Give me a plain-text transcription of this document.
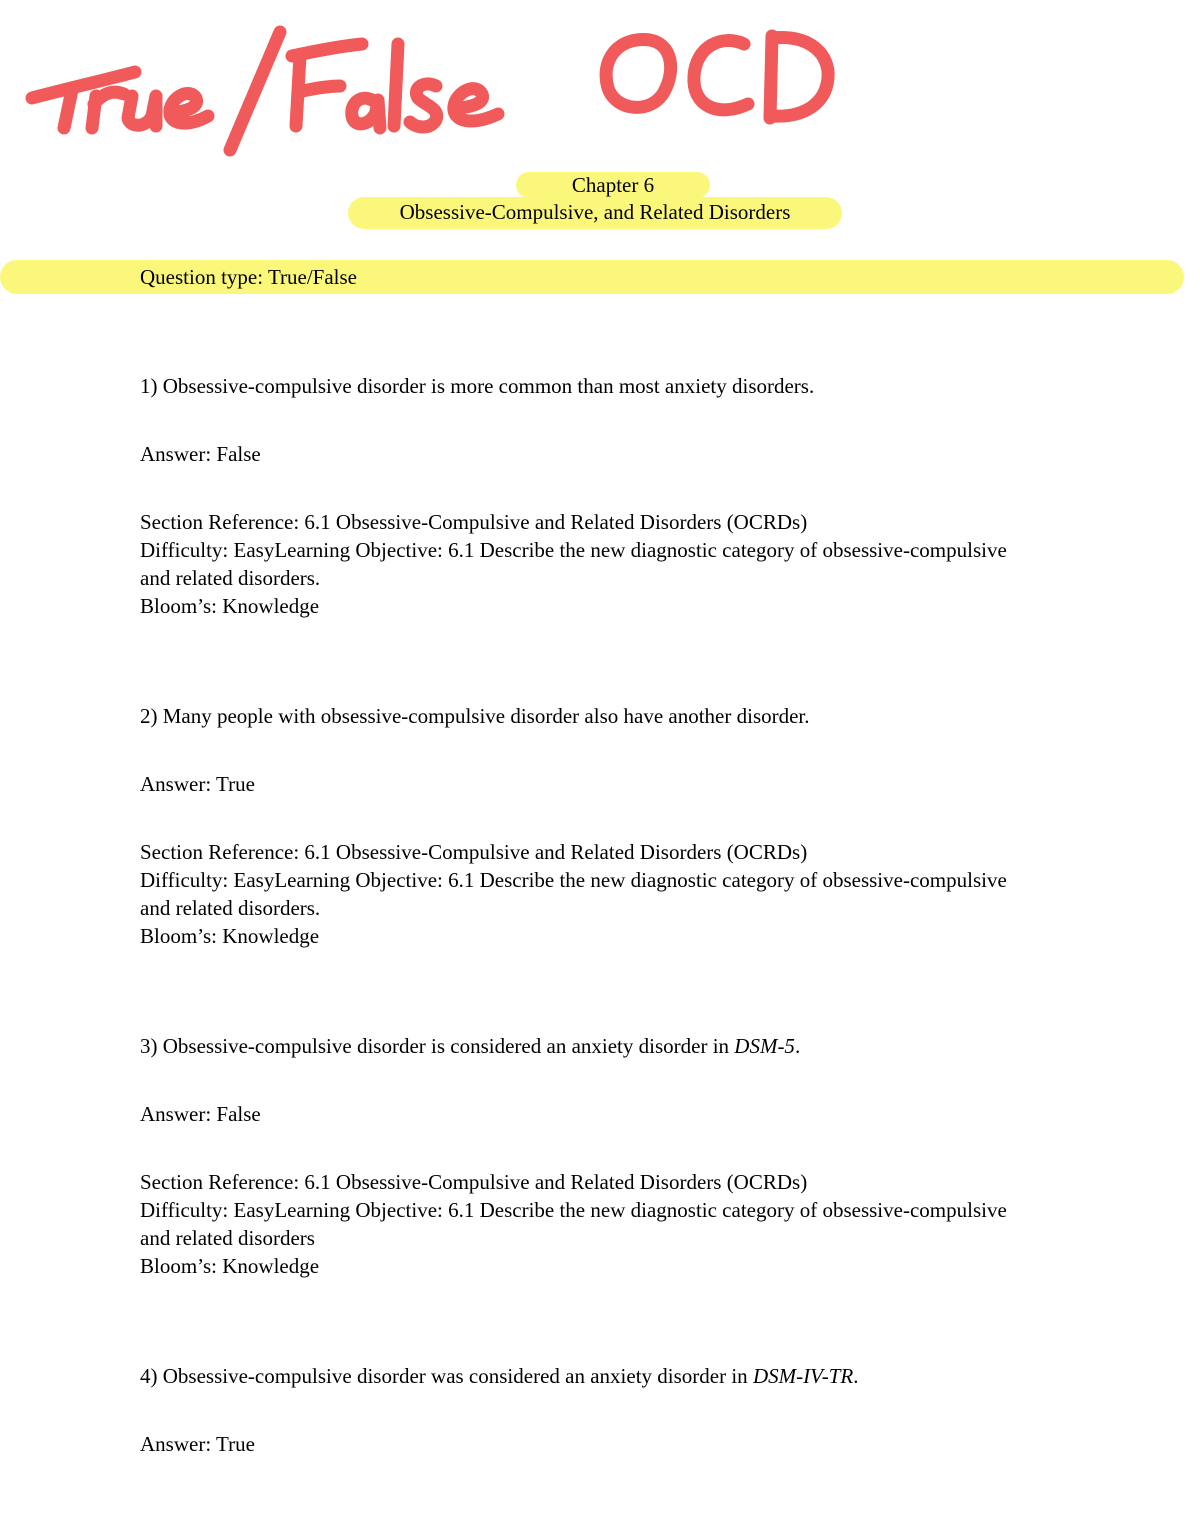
Chapter 6
Obsessive-Compulsive, and Related Disorders
Question type: True/False

1) Obsessive-compulsive disorder is more common than most anxiety disorders.

Answer: False

Section Reference: 6.1 Obsessive-Compulsive and Related Disorders (OCRDs)
Difficulty: EasyLearning Objective: 6.1 Describe the new diagnostic category of obsessive-compulsive and related disorders.
Bloom’s: Knowledge

2) Many people with obsessive-compulsive disorder also have another disorder.

Answer: True

Section Reference: 6.1 Obsessive-Compulsive and Related Disorders (OCRDs)
Difficulty: EasyLearning Objective: 6.1 Describe the new diagnostic category of obsessive-compulsive and related disorders.
Bloom’s: Knowledge

3) Obsessive-compulsive disorder is considered an anxiety disorder in DSM-5.

Answer: False

Section Reference: 6.1 Obsessive-Compulsive and Related Disorders (OCRDs)
Difficulty: EasyLearning Objective: 6.1 Describe the new diagnostic category of obsessive-compulsive and related disorders
Bloom’s: Knowledge

4) Obsessive-compulsive disorder was considered an anxiety disorder in DSM-IV-TR.

Answer: True
